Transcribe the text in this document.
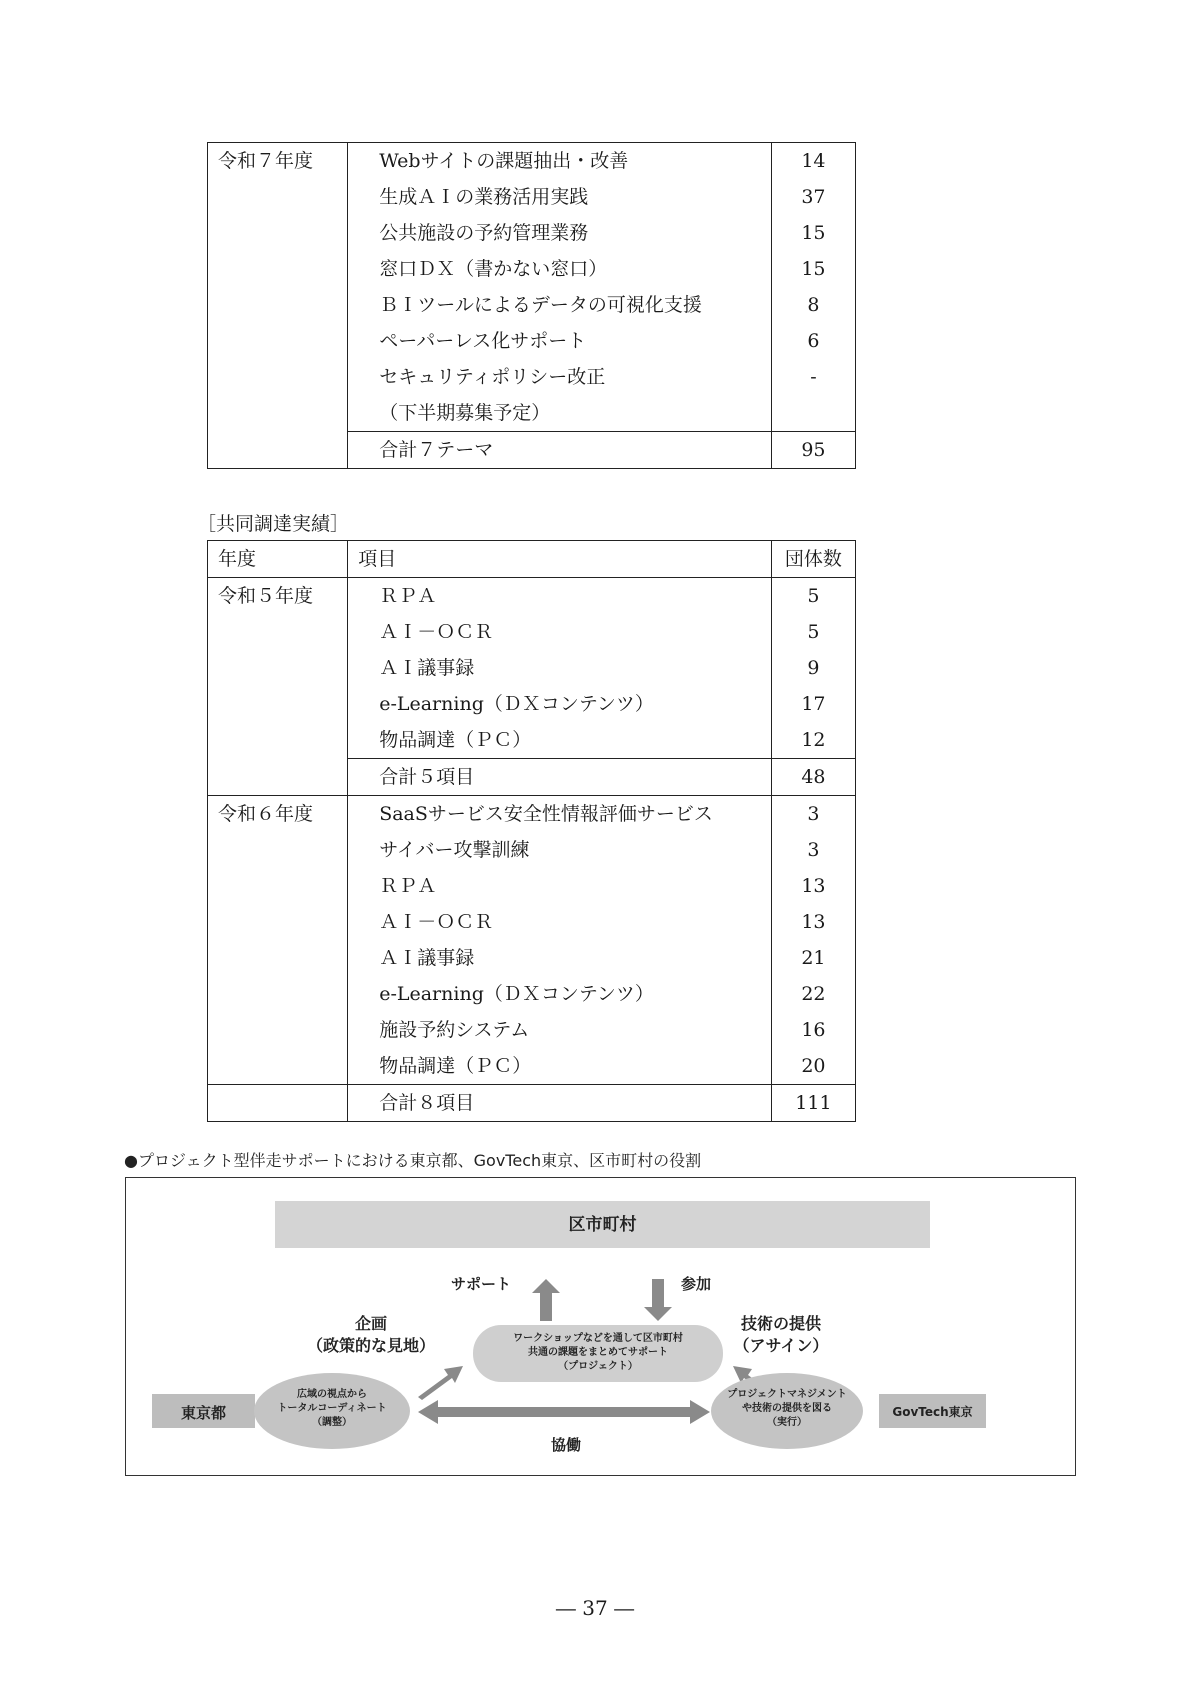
令和７年度	Webサイトの課題抽出・改善	14
	生成ＡＩの業務活用実践	37
	公共施設の予約管理業務	15
	窓口ＤＸ（書かない窓口）	15
	ＢＩツールによるデータの可視化支援	8
	ペーパーレス化サポート	6
	セキュリティポリシー改正	-
	（下半期募集予定）	
	合計７テーマ	95
［共同調達実績］
年度	項目	団体数
令和５年度	ＲＰＡ	5
	ＡＩ－ＯＣＲ	5
	ＡＩ議事録	9
	e-Learning（ＤＸコンテンツ）	17
	物品調達（ＰＣ）	12
	合計５項目	48
令和６年度	SaaSサービス安全性情報評価サービス	3
	サイバー攻撃訓練	3
	ＲＰＡ	13
	ＡＩ－ＯＣＲ	13
	ＡＩ議事録	21
	e-Learning（ＤＸコンテンツ）	22
	施設予約システム	16
	物品調達（ＰＣ）	20
	合計８項目	111
●プロジェクト型伴走サポートにおける東京都、GovTech東京、区市町村の役割
区市町村
サポート	参加
企画
（政策的な見地）	ワークショップなどを通して区市町村
共通の課題をまとめてサポート
（プロジェクト）
技術の提供
（アサイン）
東京都
広域の視点から
トータルコーディネート
（調整）
協働
プロジェクトマネジメント
や技術の提供を図る
（実行）
GovTech東京
― 37 ―
